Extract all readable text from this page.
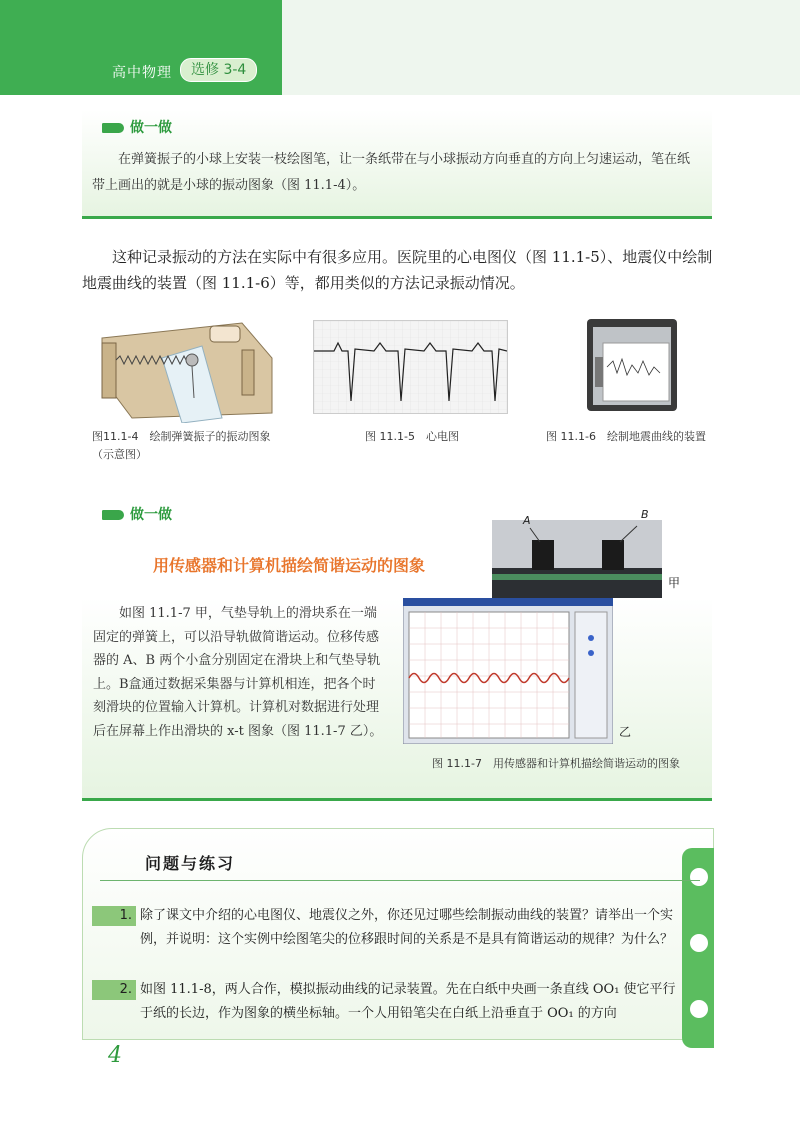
高中物理	选修 3-4
做一做
在弹簧振子的小球上安装一枝绘图笔，让一条纸带在与小球振动方向垂直的方向上匀速运动，笔在纸带上画出的就是小球的振动图象（图 11.1-4）。
这种记录振动的方法在实际中有很多应用。医院里的心电图仪（图 11.1-5）、地震仪中绘制地震曲线的装置（图 11.1-6）等，都用类似的方法记录振动情况。
图11.1-4　绘制弹簧振子的振动图象（示意图）
图 11.1-5　心电图	图 11.1-6　绘制地震曲线的装置
做一做
用传感器和计算机描绘简谐运动的图象
如图 11.1-7 甲，气垫导轨上的滑块系在一端固定的弹簧上，可以沿导轨做简谐运动。位移传感器的 A、B 两个小盒分别固定在滑块上和气垫导轨上。B盒通过数据采集器与计算机相连，把各个时刻滑块的位置输入计算机。计算机对数据进行处理后在屏幕上作出滑块的 x-t 图象（图 11.1-7 乙）。
A	B
甲
乙
图 11.1-7　用传感器和计算机描绘简谐运动的图象
问题与练习
1. 除了课文中介绍的心电图仪、地震仪之外，你还见过哪些绘制振动曲线的装置？请举出一个实例，并说明：这个实例中绘图笔尖的位移跟时间的关系是不是具有简谐运动的规律？为什么？
2. 如图 11.1-8，两人合作，模拟振动曲线的记录装置。先在白纸中央画一条直线 OO₁ 使它平行于纸的长边，作为图象的横坐标轴。一个人用铅笔尖在白纸上沿垂直于 OO₁ 的方向
4
